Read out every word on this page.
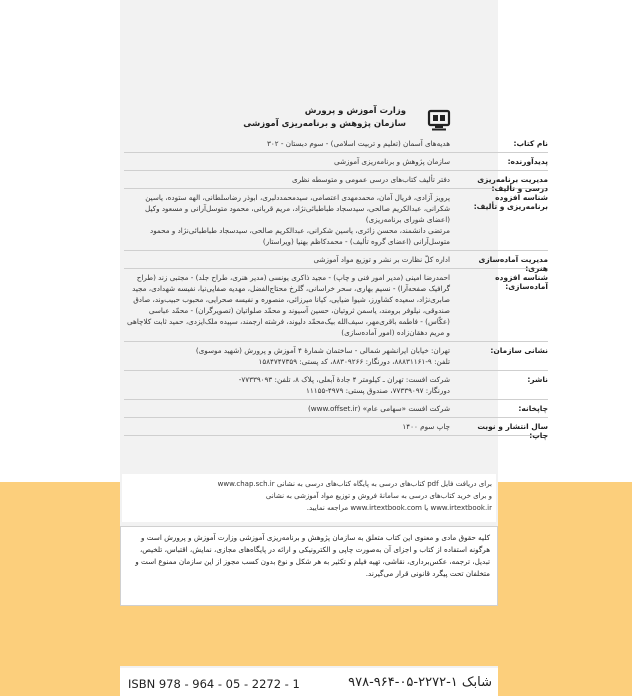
وزارت آموزش و پرورش
سازمان پژوهش و برنامه‌ریزی آموزشی
نام کتاب:
هدیه‌های آسمان (تعلیم و تربیت اسلامی) - سوم دبستان - ۳۰۲
پدیدآورنده:
سازمان پژوهش و برنامه‌ریزی آموزشی
مدیریت برنامه‌ریزی درسی و تألیف:
دفتر تألیف کتاب‌های درسی عمومی و متوسطه نظری
شناسه افزوده برنامه‌ریزی و تألیف:
پرویز آزادی، فریال آمان، محمدمهدی اعتصامی، سیدمحمددلبری، ابوذر رضاسلطانی، الهه ستوده، یاسین شکرانی، عبدالکریم صالحی، سیدسجاد طباطبائی‌نژاد، مریم قربانی، محمود متوسل‌آرانی و مسعود وکیل (اعضای شورای برنامه‌ریزی)
مرتضی دانشمند، محسن زائری، یاسین شکرانی، عبدالکریم صالحی، سیدسجاد طباطبائی‌نژاد و محمود متوسل‌آرانی (اعضای گروه تألیف) - محمدکاظم بهنیا (ویراستار)
مدیریت آماده‌سازی هنری:
اداره کلّ نظارت بر نشر و توزیع مواد آموزشی
شناسه افزوده آماده‌سازی:
احمدرضا امینی (مدیر امور فنی و چاپ) - مجید ذاکری یونسی (مدیر هنری، طراح جلد) - مجتبی زند (طراح گرافیک صفحه‌آرا) - نسیم بهاری، سحر خراسانی، گلرخ محتاج‌الفضل، مهدیه صفایی‌نیا، نفیسه شهدادی، مجید صابری‌نژاد، سعیده کشاورز، شیوا ضیایی، کیانا میرزائی، منصوره و نفیسه صحرایی، محبوب حبیب‌وند، صادق صندوقی، نیلوفر برومند، یاسمن ثروتیان، حسین آسیوند و محمّد صلواتیان (تصویرگران) - محمّد عباسی (عکّاس) - فاطمه باقری‌مهر، سیف‌الله بیک‌محمّد دلیوند، فرشته ارجمند، سپیده ملک‌ایزدی، حمید ثابت کلاچاهی و مریم دهقان‌زاده (امور آماده‌سازی)
نشانی سازمان:
تهران: خیابان ایرانشهر شمالی - ساختمان شمارهٔ ۴ آموزش و پرورش (شهید موسوی)
تلفن: ۹-۸۸۸۳۱۱۶۱، دورنگار: ۸۸۳۰۹۲۶۶، کد پستی: ۱۵۸۴۷۴۷۳۵۹
ناشر:
شرکت افست: تهران ـ کیلومتر ۴ جادهٔ آبعلی، پلاک ۸، تلفن: ۷۷۳۳۹۰۹۳-
دورنگار: ۷۷۳۳۹۰۹۷، صندوق پستی: ۴۹۷۹-۱۱۱۵۵
چاپخانه:
شرکت افست «سهامی عام» (www.offset.ir)
سال انتشار و نوبت چاپ:
چاپ سوم ۱۴۰۰
برای دریافت فایل pdf کتاب‌های درسی به پایگاه کتاب‌های درسی به نشانی www.chap.sch.ir
و برای خرید کتاب‌های درسی به سامانهٔ فروش و توزیع مواد آموزشی به نشانی
www.irtextbook.ir یا www.irtextbook.com مراجعه نمایید.
کلیه حقوق مادی و معنوی این کتاب متعلق به سازمان پژوهش و برنامه‌ریزی آموزشی وزارت آموزش و پرورش است و هرگونه استفاده از کتاب و اجزای آن به‌صورت چاپی و الکترونیکی و ارائه در پایگاه‌های مجازی، نمایش، اقتباس، تلخیص، تبدیل، ترجمه، عکس‌برداری، نقاشی، تهیه فیلم و تکثیر به هر شکل و نوع بدون کسب مجوز از این سازمان ممنوع است و متخلفان تحت پیگرد قانونی قرار می‌گیرند.
ISBN 978 - 964 - 05 - 2272 - 1	شابک ۱-۲۲۷۲-۰۵-۹۶۴-۹۷۸
